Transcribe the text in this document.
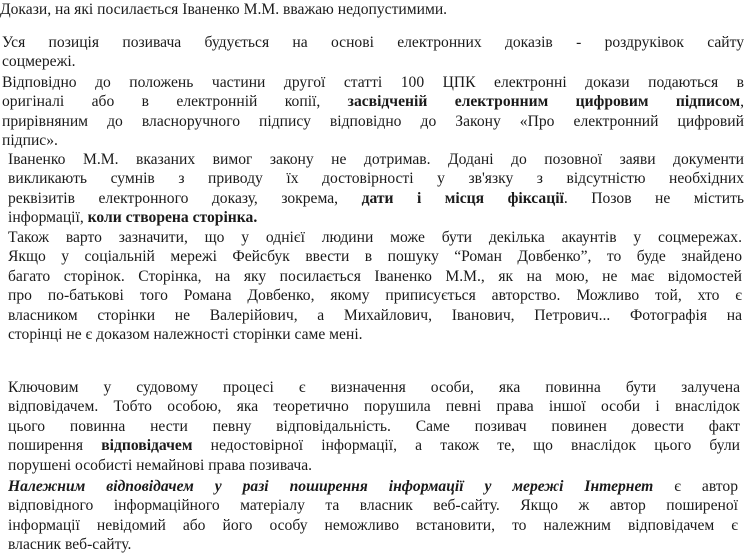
Докази, на які посилається Іваненко М.М. вважаю недопустимими.

Уся позиція позивача будується на основі електронних доказів - роздруківок сайту
соцмережі.

Відповідно до положень частини другої статті 100 ЦПК електронні докази подаються в
оригіналі або в електронній копії, засвідченій електронним цифровим підписом,
прирівняним до власноручного підпису відповідно до Закону «Про електронний цифровий
підпис».

Іваненко М.М. вказаних вимог закону не дотримав. Додані до позовної заяви документи
викликають сумнів з приводу їх достовірності у зв'язку з відсутністю необхідних
реквізитів електронного доказу, зокрема, дати і місця фіксації. Позов не містить
інформації, коли створена сторінка.

Також варто зазначити, що у однієї людини може бути декілька акаунтів у соцмережах.
Якщо у соціальній мережі Фейсбук ввести в пошуку “Роман Довбенко”, то буде знайдено
багато сторінок. Сторінка, на яку посилається Іваненко М.М., як на мою, не має відомостей
про по-батькові того Романа Довбенко, якому приписується авторство. Можливо той, хто є
власником сторінки не Валерійович, а Михайлович, Іванович, Петрович... Фотографія на
сторінці не є доказом належності сторінки саме мені.

Ключовим у судовому процесі є визначення особи, яка повинна бути залучена
відповідачем. Тобто особою, яка теоретично порушила певні права іншої особи і внаслідок
цього повинна нести певну відповідальність. Саме позивач повинен довести факт
поширення відповідачем недостовірної інформації, а також те, що внаслідок цього були
порушені особисті немайнові права позивача.

Належним відповідачем у разі поширення інформації у мережі Інтернет є автор
відповідного інформаційного матеріалу та власник веб-сайту. Якщо ж автор поширеної
інформації невідомий або його особу неможливо встановити, то належним відповідачем є
власник веб-сайту.
